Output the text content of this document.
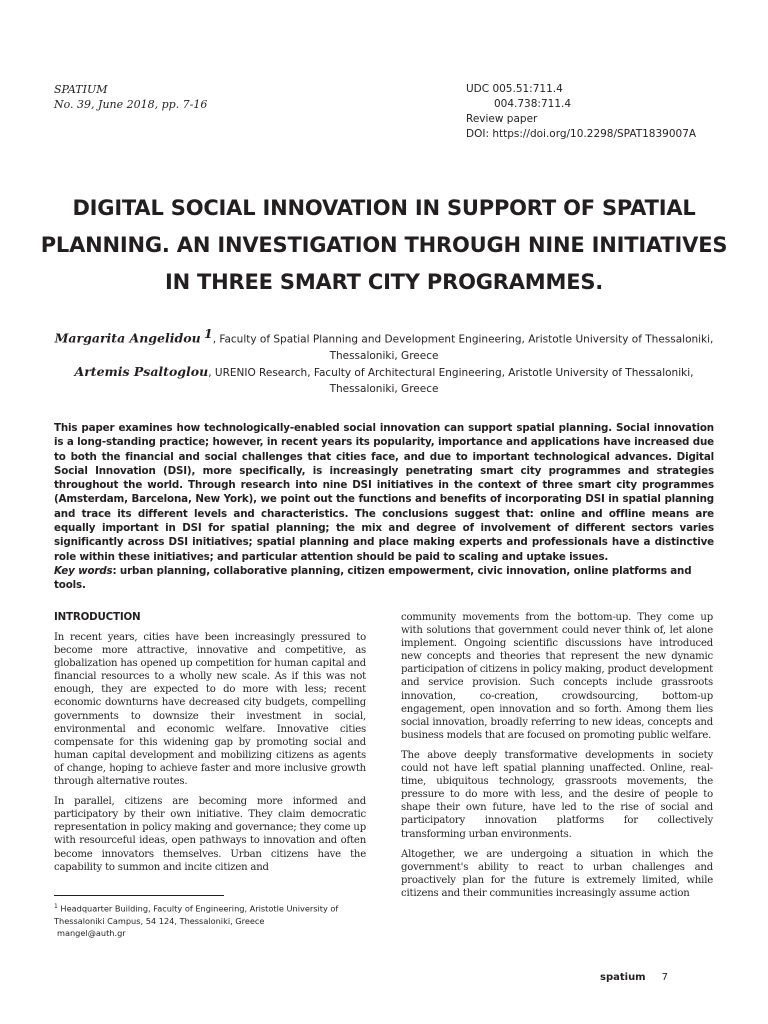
SPATIUM
No. 39, June 2018, pp. 7-16
UDC 005.51:711.4
004.738:711.4
Review paper
DOI: https://doi.org/10.2298/SPAT1839007A
DIGITAL SOCIAL INNOVATION IN SUPPORT OF SPATIAL PLANNING. AN INVESTIGATION THROUGH NINE INITIATIVES IN THREE SMART CITY PROGRAMMES.
Margarita Angelidou $^1$, Faculty of Spatial Planning and Development Engineering, Aristotle University of Thessaloniki, Thessaloniki, Greece
Artemis Psaltoglou, URENIO Research, Faculty of Architectural Engineering, Aristotle University of Thessaloniki, Thessaloniki, Greece

This paper examines how technologically-enabled social innovation can support spatial planning. Social innovation is a long-standing practice; however, in recent years its popularity, importance and applications have increased due to both the financial and social challenges that cities face, and due to important technological advances. Digital Social Innovation (DSI), more specifically, is increasingly penetrating smart city programmes and strategies throughout the world. Through research into nine DSI initiatives in the context of three smart city programmes (Amsterdam, Barcelona, New York), we point out the functions and benefits of incorporating DSI in spatial planning and trace its different levels and characteristics. The conclusions suggest that: online and offline means are equally important in DSI for spatial planning; the mix and degree of involvement of different sectors varies significantly across DSI initiatives; spatial planning and place making experts and professionals have a distinctive role within these initiatives; and particular attention should be paid to scaling and uptake issues.

Key words: urban planning, collaborative planning, citizen empowerment, civic innovation, online platforms and tools.

INTRODUCTION

In recent years, cities have been increasingly pressured to become more attractive, innovative and competitive, as globalization has opened up competition for human capital and financial resources to a wholly new scale. As if this was not enough, they are expected to do more with less; recent economic downturns have decreased city budgets, compelling governments to downsize their investment in social, environmental and economic welfare. Innovative cities compensate for this widening gap by promoting social and human capital development and mobilizing citizens as agents of change, hoping to achieve faster and more inclusive growth through alternative routes.

In parallel, citizens are becoming more informed and participatory by their own initiative. They claim democratic representation in policy making and governance; they come up with resourceful ideas, open pathways to innovation and often become innovators themselves. Urban citizens have the capability to summon and incite citizen and

community movements from the bottom-up. They come up with solutions that government could never think of, let alone implement. Ongoing scientific discussions have introduced new concepts and theories that represent the new dynamic participation of citizens in policy making, product development and service provision. Such concepts include grassroots innovation, co-creation, crowdsourcing, bottom-up engagement, open innovation and so forth. Among them lies social innovation, broadly referring to new ideas, concepts and business models that are focused on promoting public welfare.

The above deeply transformative developments in society could not have left spatial planning unaffected. Online, real-time, ubiquitous technology, grassroots movements, the pressure to do more with less, and the desire of people to shape their own future, have led to the rise of social and participatory innovation platforms for collectively transforming urban environments.

Altogether, we are undergoing a situation in which the government's ability to react to urban challenges and proactively plan for the future is extremely limited, while citizens and their communities increasingly assume action

$^1$ Headquarter Building, Faculty of Engineering, Aristotle University of Thessaloniki Campus, 54 124, Thessaloniki, Greece
mangel@auth.gr
spatium 7
